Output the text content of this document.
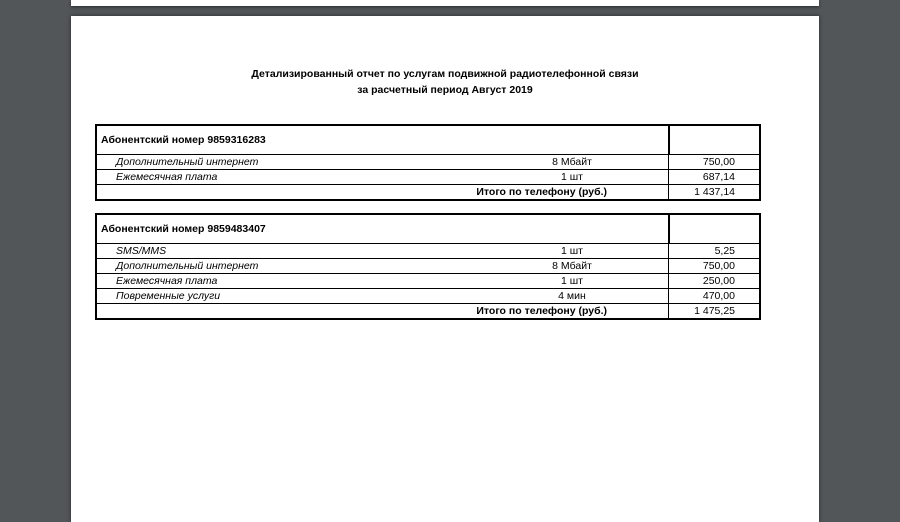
Детализированный отчет по услугам подвижной радиотелефонной связи
за расчетный период Август 2019
Абонентский номер 9859316283
Дополнительный интернет	8 Мбайт	750,00
Ежемесячная плата	1 шт	687,14
Итого по телефону (руб.)	1 437,14
Абонентский номер 9859483407
SMS/MMS	1 шт	5,25
Дополнительный интернет	8 Мбайт	750,00
Ежемесячная плата	1 шт	250,00
Повременные услуги	4 мин	470,00
Итого по телефону (руб.)	1 475,25
